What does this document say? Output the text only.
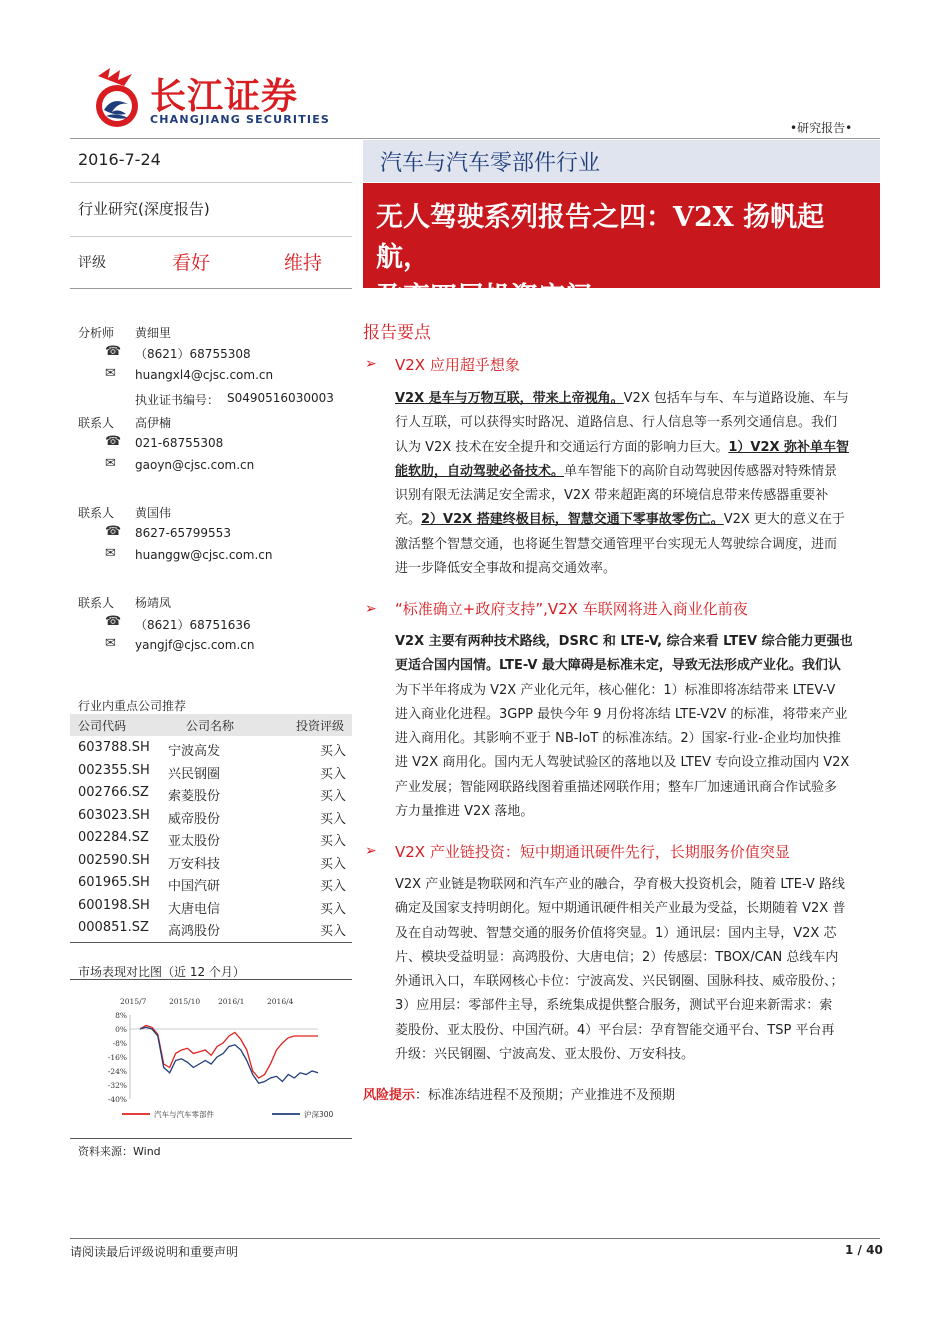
长江证券
CHANGJIANG SECURITIES
•研究报告•
2016-7-24
行业研究(深度报告)
评级	看好	维持
汽车与汽车零部件行业
无人驾驶系列报告之四：V2X 扬帆起航，
孕育四层投资空间
分析师 黄细里
☎ （8621）68755308
✉ huangxl4@cjsc.com.cn
执业证书编号： S0490516030003
联系人 高伊楠
☎ 021-68755308
✉ gaoyn@cjsc.com.cn
联系人 黄国伟
☎ 8627-65799553
✉ huanggw@cjsc.com.cn
联系人 杨靖凤
☎ （8621）68751636
✉ yangjf@cjsc.com.cn
行业内重点公司推荐
公司代码	公司名称	投资评级
603788.SH 宁波高发	买入
002355.SH 兴民钢圈	买入
002766.SZ 索菱股份	买入
603023.SH 威帝股份	买入
002284.SZ 亚太股份	买入
002590.SH 万安科技	买入
601965.SH 中国汽研	买入
600198.SH 大唐电信	买入
000851.SZ 高鸿股份	买入
市场表现对比图（近 12 个月）
8%
0%
-8%
-16%
-24%
-32%
-40%
2015/7	2015/10 2016/1	2016/4
汽车与汽车零部件	沪深300
资料来源：Wind
报告要点
➢ V2X 应用超乎想象
V2X 是车与万物互联，带来上帝视角。V2X 包括车与车、车与道路设施、车与
行人互联，可以获得实时路况、道路信息、行人信息等一系列交通信息。我们
认为 V2X 技术在安全提升和交通运行方面的影响力巨大。1）V2X 弥补单车智
能软肋，自动驾驶必备技术。单车智能下的高阶自动驾驶因传感器对特殊情景
识别有限无法满足安全需求，V2X 带来超距离的环境信息带来传感器重要补
充。2）V2X 搭建终极目标，智慧交通下零事故零伤亡。V2X 更大的意义在于
激活整个智慧交通，也将诞生智慧交通管理平台实现无人驾驶综合调度，进而
进一步降低安全事故和提高交通效率。
➢ “标准确立+政府支持”,V2X 车联网将进入商业化前夜
V2X 主要有两种技术路线，DSRC 和 LTE-V, 综合来看 LTEV 综合能力更强也
更适合国内国情。LTE-V 最大障碍是标准未定，导致无法形成产业化。我们认
为下半年将成为 V2X 产业化元年，核心催化：1）标准即将冻结带来 LTEV-V
进入商业化进程。3GPP 最快今年 9 月份将冻结 LTE-V2V 的标准，将带来产业
进入商用化。其影响不亚于 NB-IoT 的标准冻结。2）国家-行业-企业均加快推
进 V2X 商用化。国内无人驾驶试验区的落地以及 LTEV 专向设立推动国内 V2X
产业发展；智能网联路线图着重描述网联作用；整车厂加速通讯商合作试验多
方力量推进 V2X 落地。
➢ V2X 产业链投资：短中期通讯硬件先行，长期服务价值突显
V2X 产业链是物联网和汽车产业的融合，孕育极大投资机会，随着 LTE-V 路线
确定及国家支持明朗化。短中期通讯硬件相关产业最为受益，长期随着 V2X 普
及在自动驾驶、智慧交通的服务价值将突显。1）通讯层：国内主导，V2X 芯
片、模块受益明显：高鸿股份、大唐电信；2）传感层：TBOX/CAN 总线车内
外通讯入口，车联网核心卡位：宁波高发、兴民钢圈、国脉科技、威帝股份、；
3）应用层：零部件主导，系统集成提供整合服务，测试平台迎来新需求：索
菱股份、亚太股份、中国汽研。4）平台层：孕育智能交通平台、TSP 平台再
升级：兴民钢圈、宁波高发、亚太股份、万安科技。
风险提示：标准冻结进程不及预期；产业推进不及预期
请阅读最后评级说明和重要声明	1 / 40
